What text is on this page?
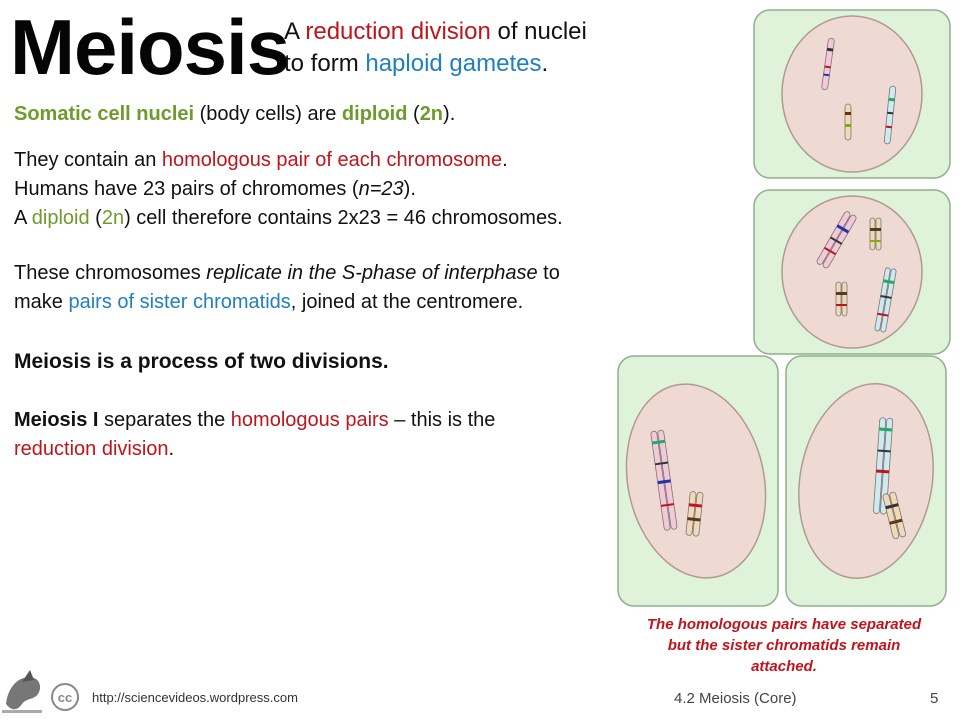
Meiosis
A reduction division of nuclei
to form haploid gametes.
Somatic cell nuclei (body cells) are diploid (2n).
They contain an homologous pair of each chromosome.
Humans have 23 pairs of chromomes (n=23).
A diploid (2n) cell therefore contains 2x23 = 46 chromosomes.
These chromosomes replicate in the S-phase of interphase to
make pairs of sister chromatids, joined at the centromere.
Meiosis is a process of two divisions.
Meiosis I separates the homologous pairs – this is the
reduction division.
The homologous pairs have separated but the sister chromatids remain attached.
cc http://sciencevideos.wordpress.com	4.2 Meiosis (Core)	5
